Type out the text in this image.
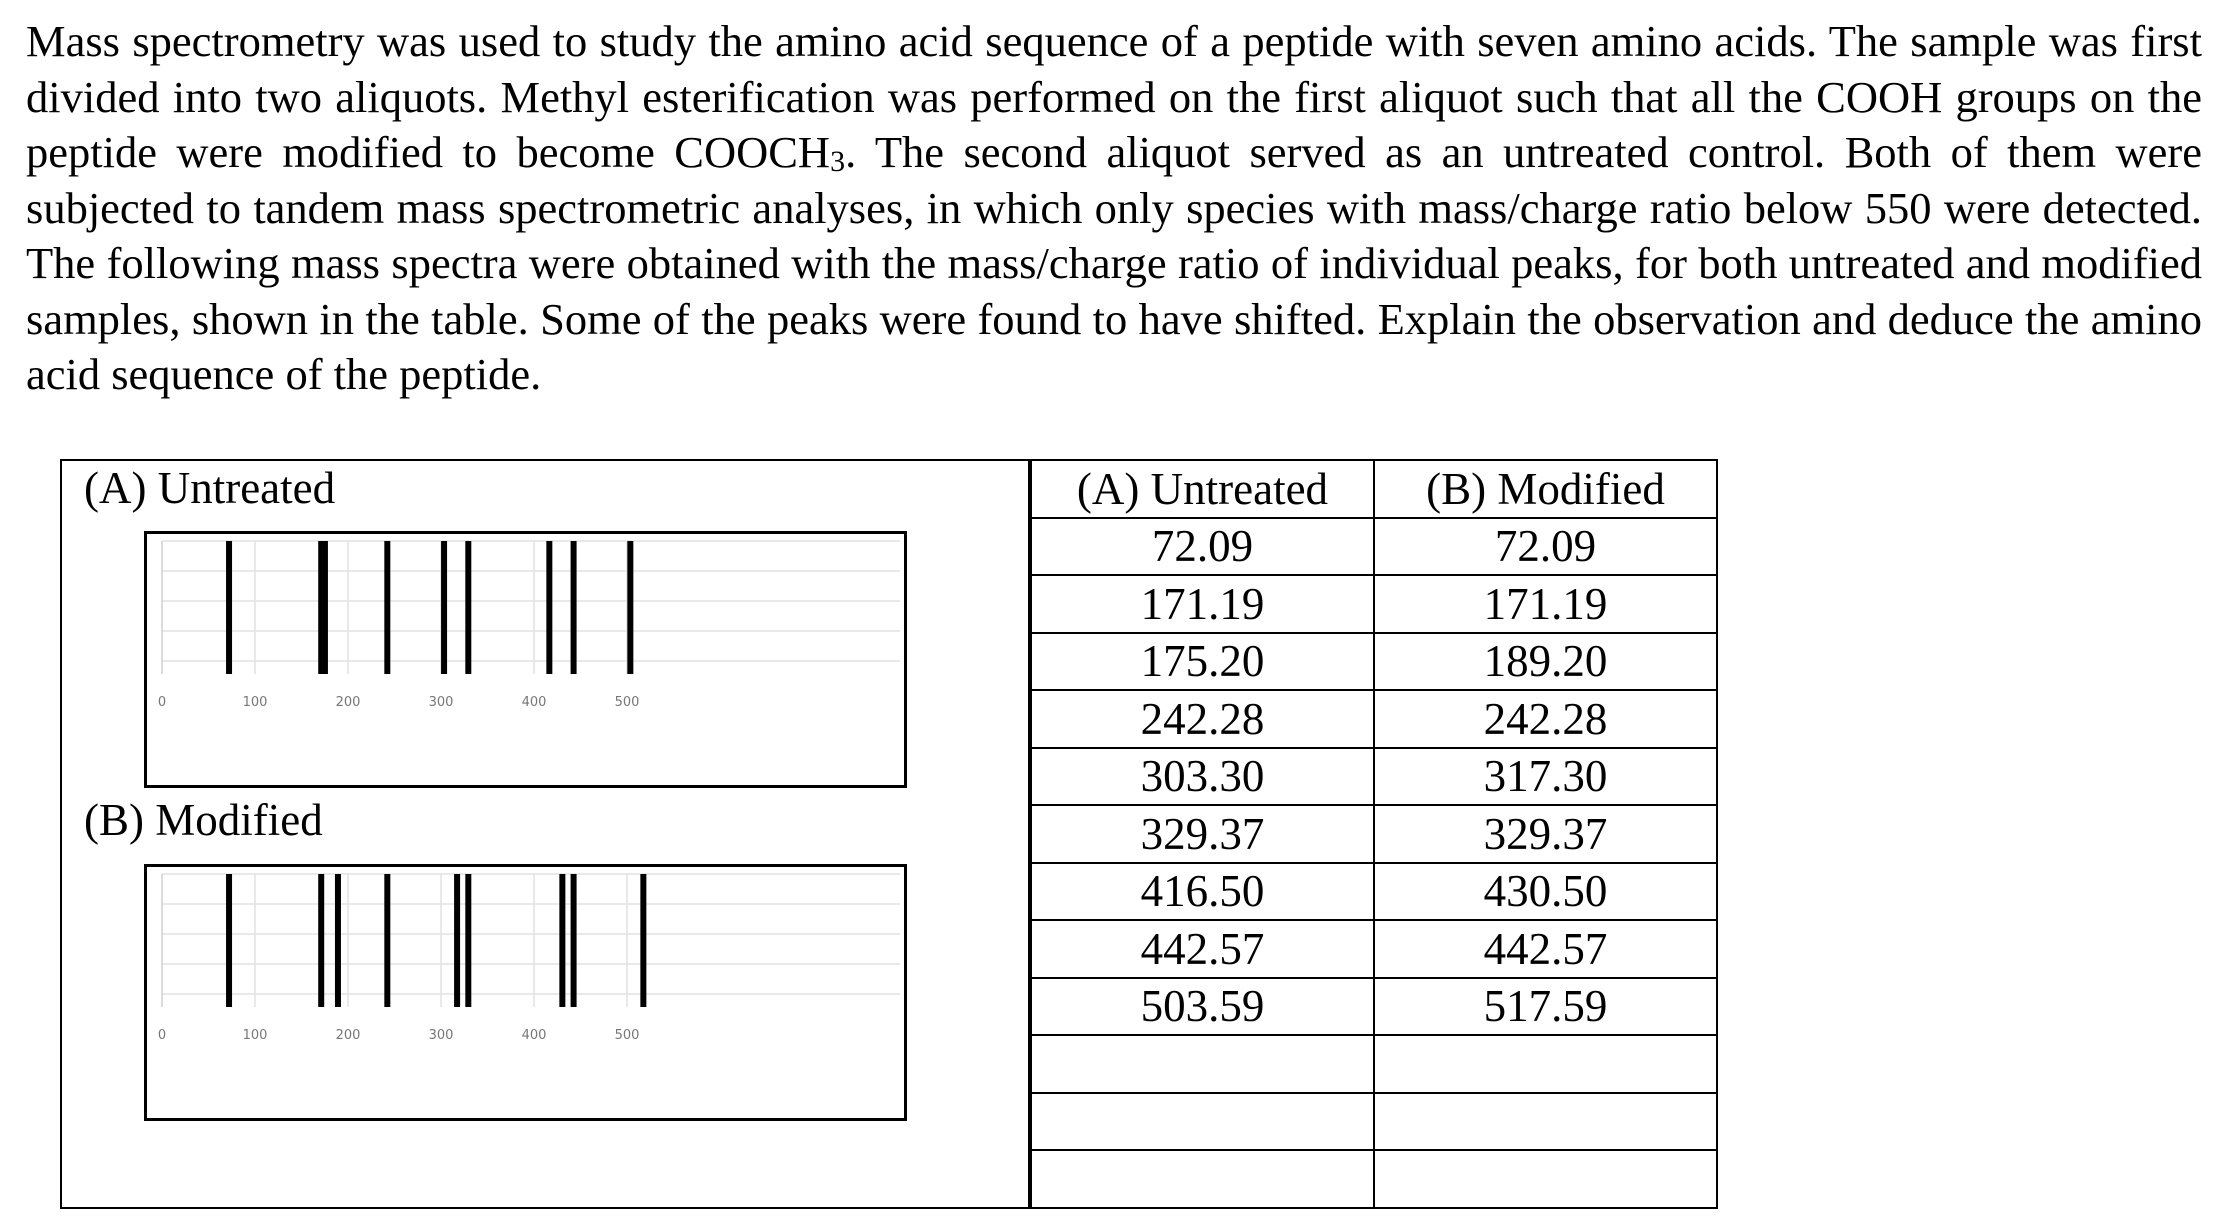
Mass spectrometry was used to study the amino acid sequence of a peptide with seven amino acids. The sample was first divided into two aliquots. Methyl esterification was performed on the first aliquot such that all the COOH groups on the peptide were modified to become $COOCH_3$. The second aliquot served as an untreated control. Both of them were subjected to tandem mass spectrometric analyses, in which only species with mass/charge ratio below 550 were detected. The following mass spectra were obtained with the mass/charge ratio of individual peaks, for both untreated and modified samples, shown in the table. Some of the peaks were found to have shifted. Explain the observation and deduce the amino acid sequence of the peptide.

(A) Untreated
0	100	200	300	400	500
(B) Modified
0	100	200	300	400	500
(A) Untreated	(B) Modified
72.09	72.09
171.19	171.19
175.20	189.20
242.28	242.28
303.30	317.30
329.37	329.37
416.50	430.50
442.57	442.57
503.59	517.59
